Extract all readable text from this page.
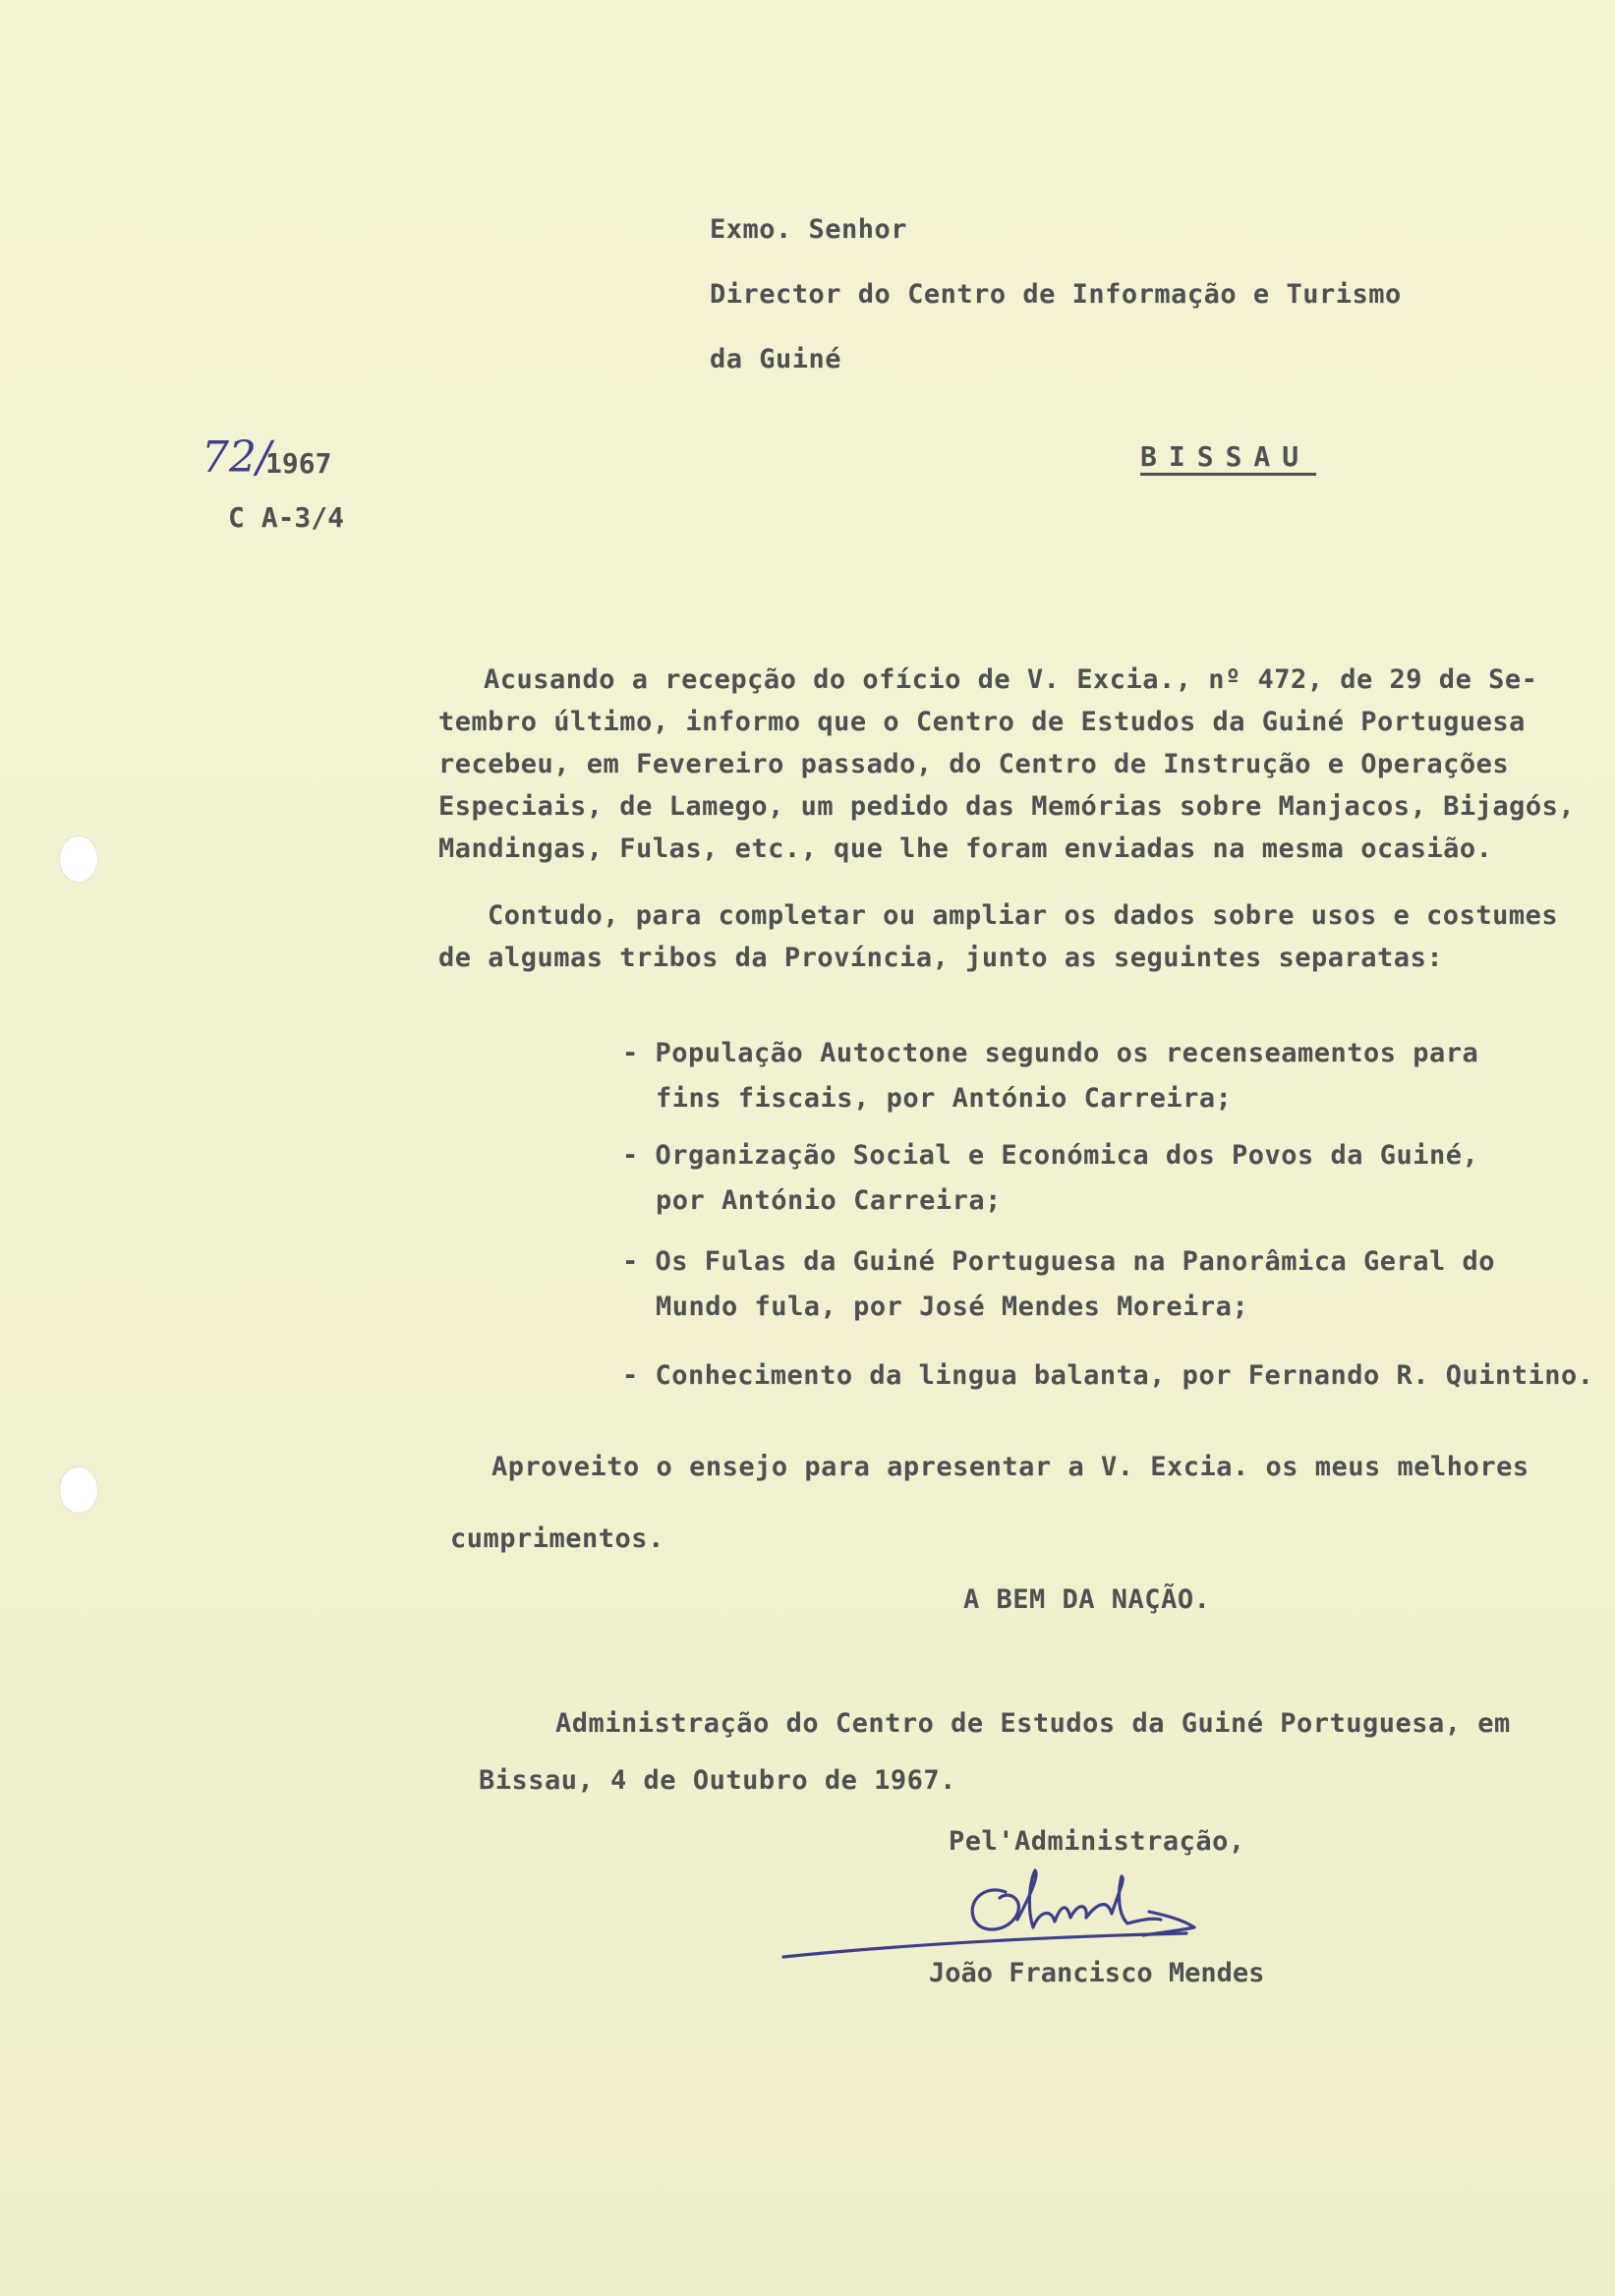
Exmo. Senhor
Director do Centro de Informação e Turismo
da Guiné
BISSAU
72/
1967
C A-3/4
Acusando a recepção do ofício de V. Excia., nº 472, de 29 de Se-
tembro último, informo que o Centro de Estudos da Guiné Portuguesa
recebeu, em Fevereiro passado, do Centro de Instrução e Operações
Especiais, de Lamego, um pedido das Memórias sobre Manjacos, Bijagós,
Mandingas, Fulas, etc., que lhe foram enviadas na mesma ocasião.
Contudo, para completar ou ampliar os dados sobre usos e costumes
de algumas tribos da Província, junto as seguintes separatas:
- População Autoctone segundo os recenseamentos para
fins fiscais, por António Carreira;
- Organização Social e Económica dos Povos da Guiné,
por António Carreira;
- Os Fulas da Guiné Portuguesa na Panorâmica Geral do
Mundo fula, por José Mendes Moreira;
- Conhecimento da lingua balanta, por Fernando R. Quintino.
Aproveito o ensejo para apresentar a V. Excia. os meus melhores
cumprimentos.
A BEM DA NAÇÃO.
Administração do Centro de Estudos da Guiné Portuguesa, em
Bissau, 4 de Outubro de 1967.
Pel'Administração,
João Francisco Mendes
